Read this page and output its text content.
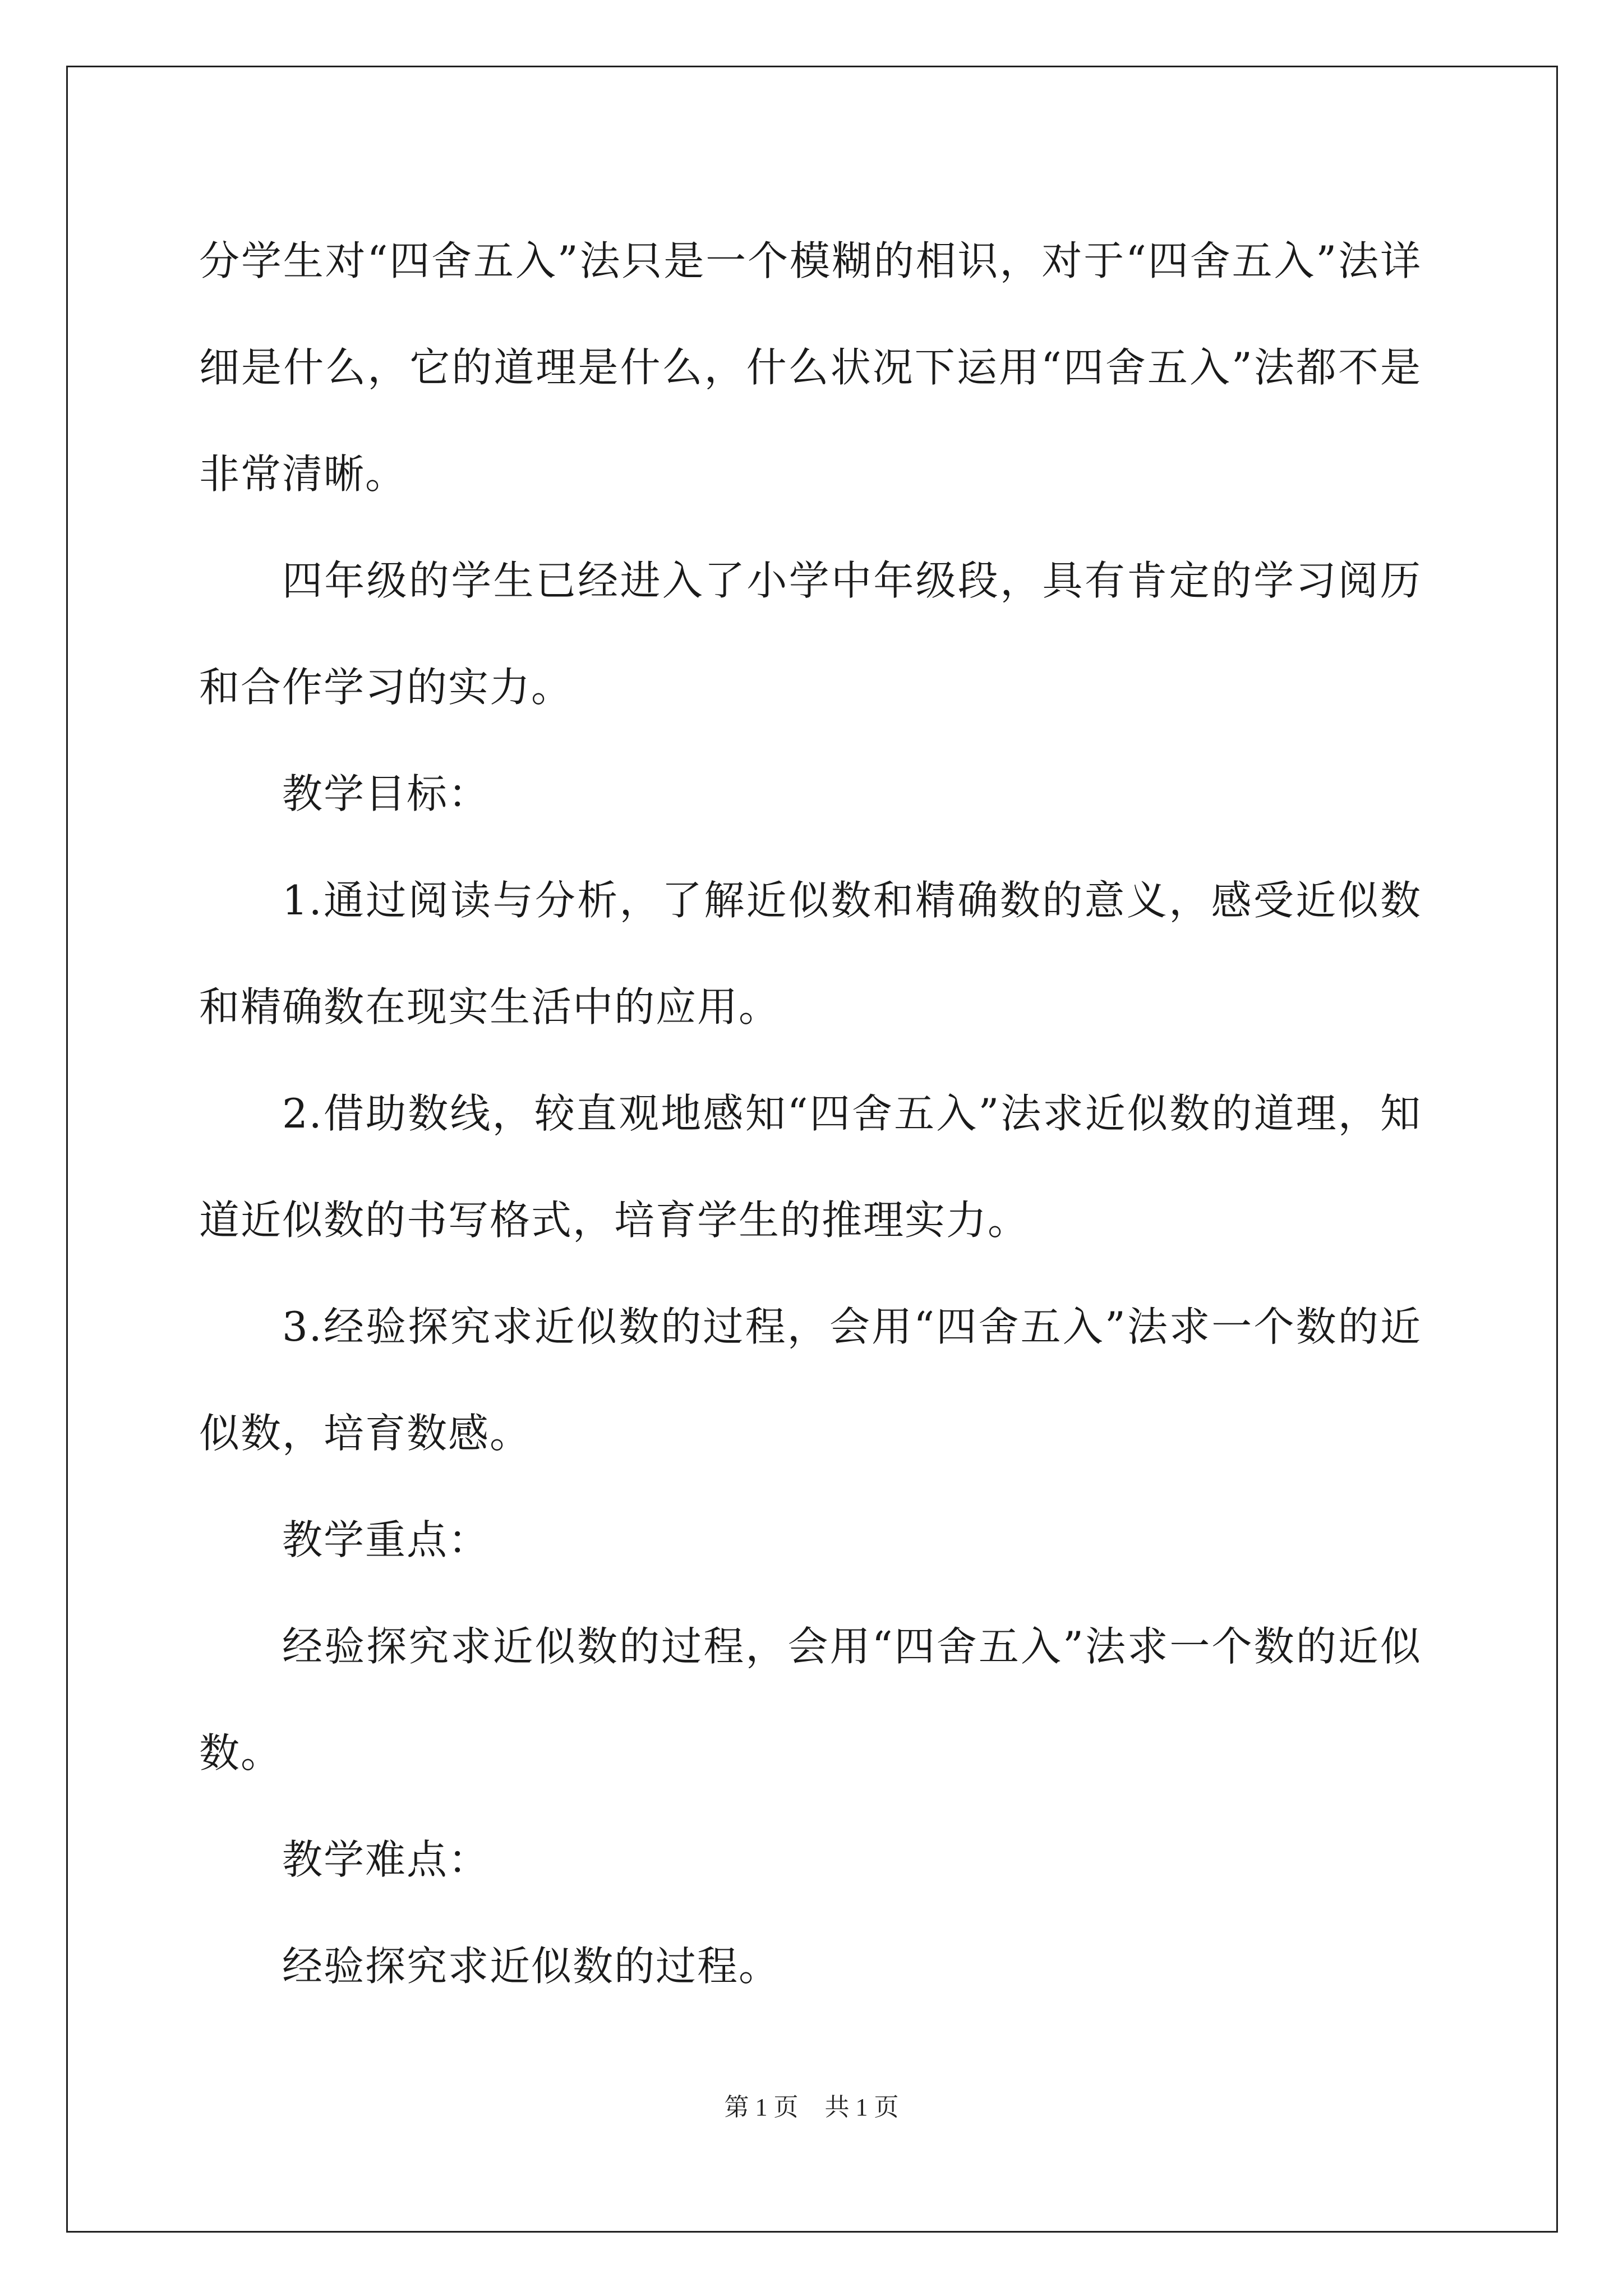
分学生对“四舍五入”法只是一个模糊的相识，对于“四舍五入”法详细是什么，它的道理是什么，什么状况下运用“四舍五入”法都不是非常清晰。

四年级的学生已经进入了小学中年级段，具有肯定的学习阅历和合作学习的实力。

教学目标：

1.通过阅读与分析，了解近似数和精确数的意义，感受近似数和精确数在现实生活中的应用。

2.借助数线，较直观地感知“四舍五入”法求近似数的道理，知道近似数的书写格式，培育学生的推理实力。

3.经验探究求近似数的过程，会用“四舍五入”法求一个数的近似数，培育数感。

教学重点：

经验探究求近似数的过程，会用“四舍五入”法求一个数的近似数。

教学难点：

经验探究求近似数的过程。

第 1 页 共 1 页
